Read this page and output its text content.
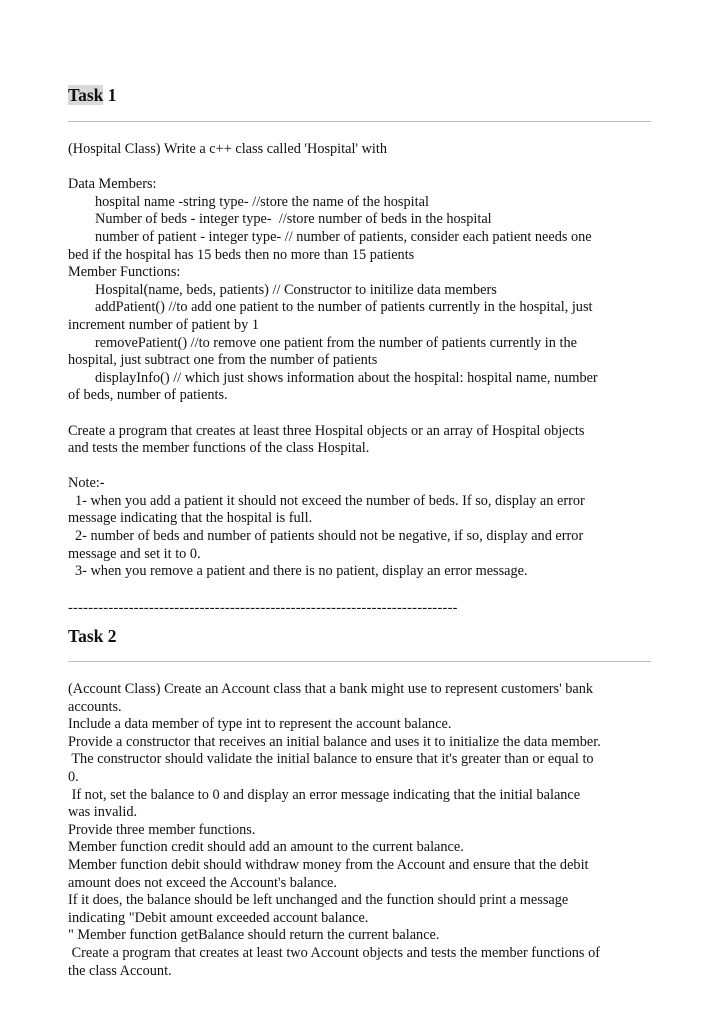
Task 1
(Hospital Class) Write a c++ class called 'Hospital' with
Data Members:
hospital name -string type- //store the name of the hospital
Number of beds - integer type-  //store number of beds in the hospital
number of patient - integer type- // number of patients, consider each patient needs one
bed if the hospital has 15 beds then no more than 15 patients
Member Functions:
Hospital(name, beds, patients) // Constructor to initilize data members
addPatient() //to add one patient to the number of patients currently in the hospital, just
increment number of patient by 1
removePatient() //to remove one patient from the number of patients currently in the
hospital, just subtract one from the number of patients
displayInfo() // which just shows information about the hospital: hospital name, number
of beds, number of patients.
Create a program that creates at least three Hospital objects or an array of Hospital objects
and tests the member functions of the class Hospital.
Note:-
1- when you add a patient it should not exceed the number of beds. If so, display an error
message indicating that the hospital is full.
2- number of beds and number of patients should not be negative, if so, display and error
message and set it to 0.
3- when you remove a patient and there is no patient, display an error message.
-----------------------------------------------------------------------------
Task 2
(Account Class) Create an Account class that a bank might use to represent customers' bank
accounts.
Include a data member of type int to represent the account balance.
Provide a constructor that receives an initial balance and uses it to initialize the data member.
The constructor should validate the initial balance to ensure that it's greater than or equal to
0.
If not, set the balance to 0 and display an error message indicating that the initial balance
was invalid.
Provide three member functions.
Member function credit should add an amount to the current balance.
Member function debit should withdraw money from the Account and ensure that the debit
amount does not exceed the Account's balance.
If it does, the balance should be left unchanged and the function should print a message
indicating "Debit amount exceeded account balance.
" Member function getBalance should return the current balance.
Create a program that creates at least two Account objects and tests the member functions of
the class Account.
